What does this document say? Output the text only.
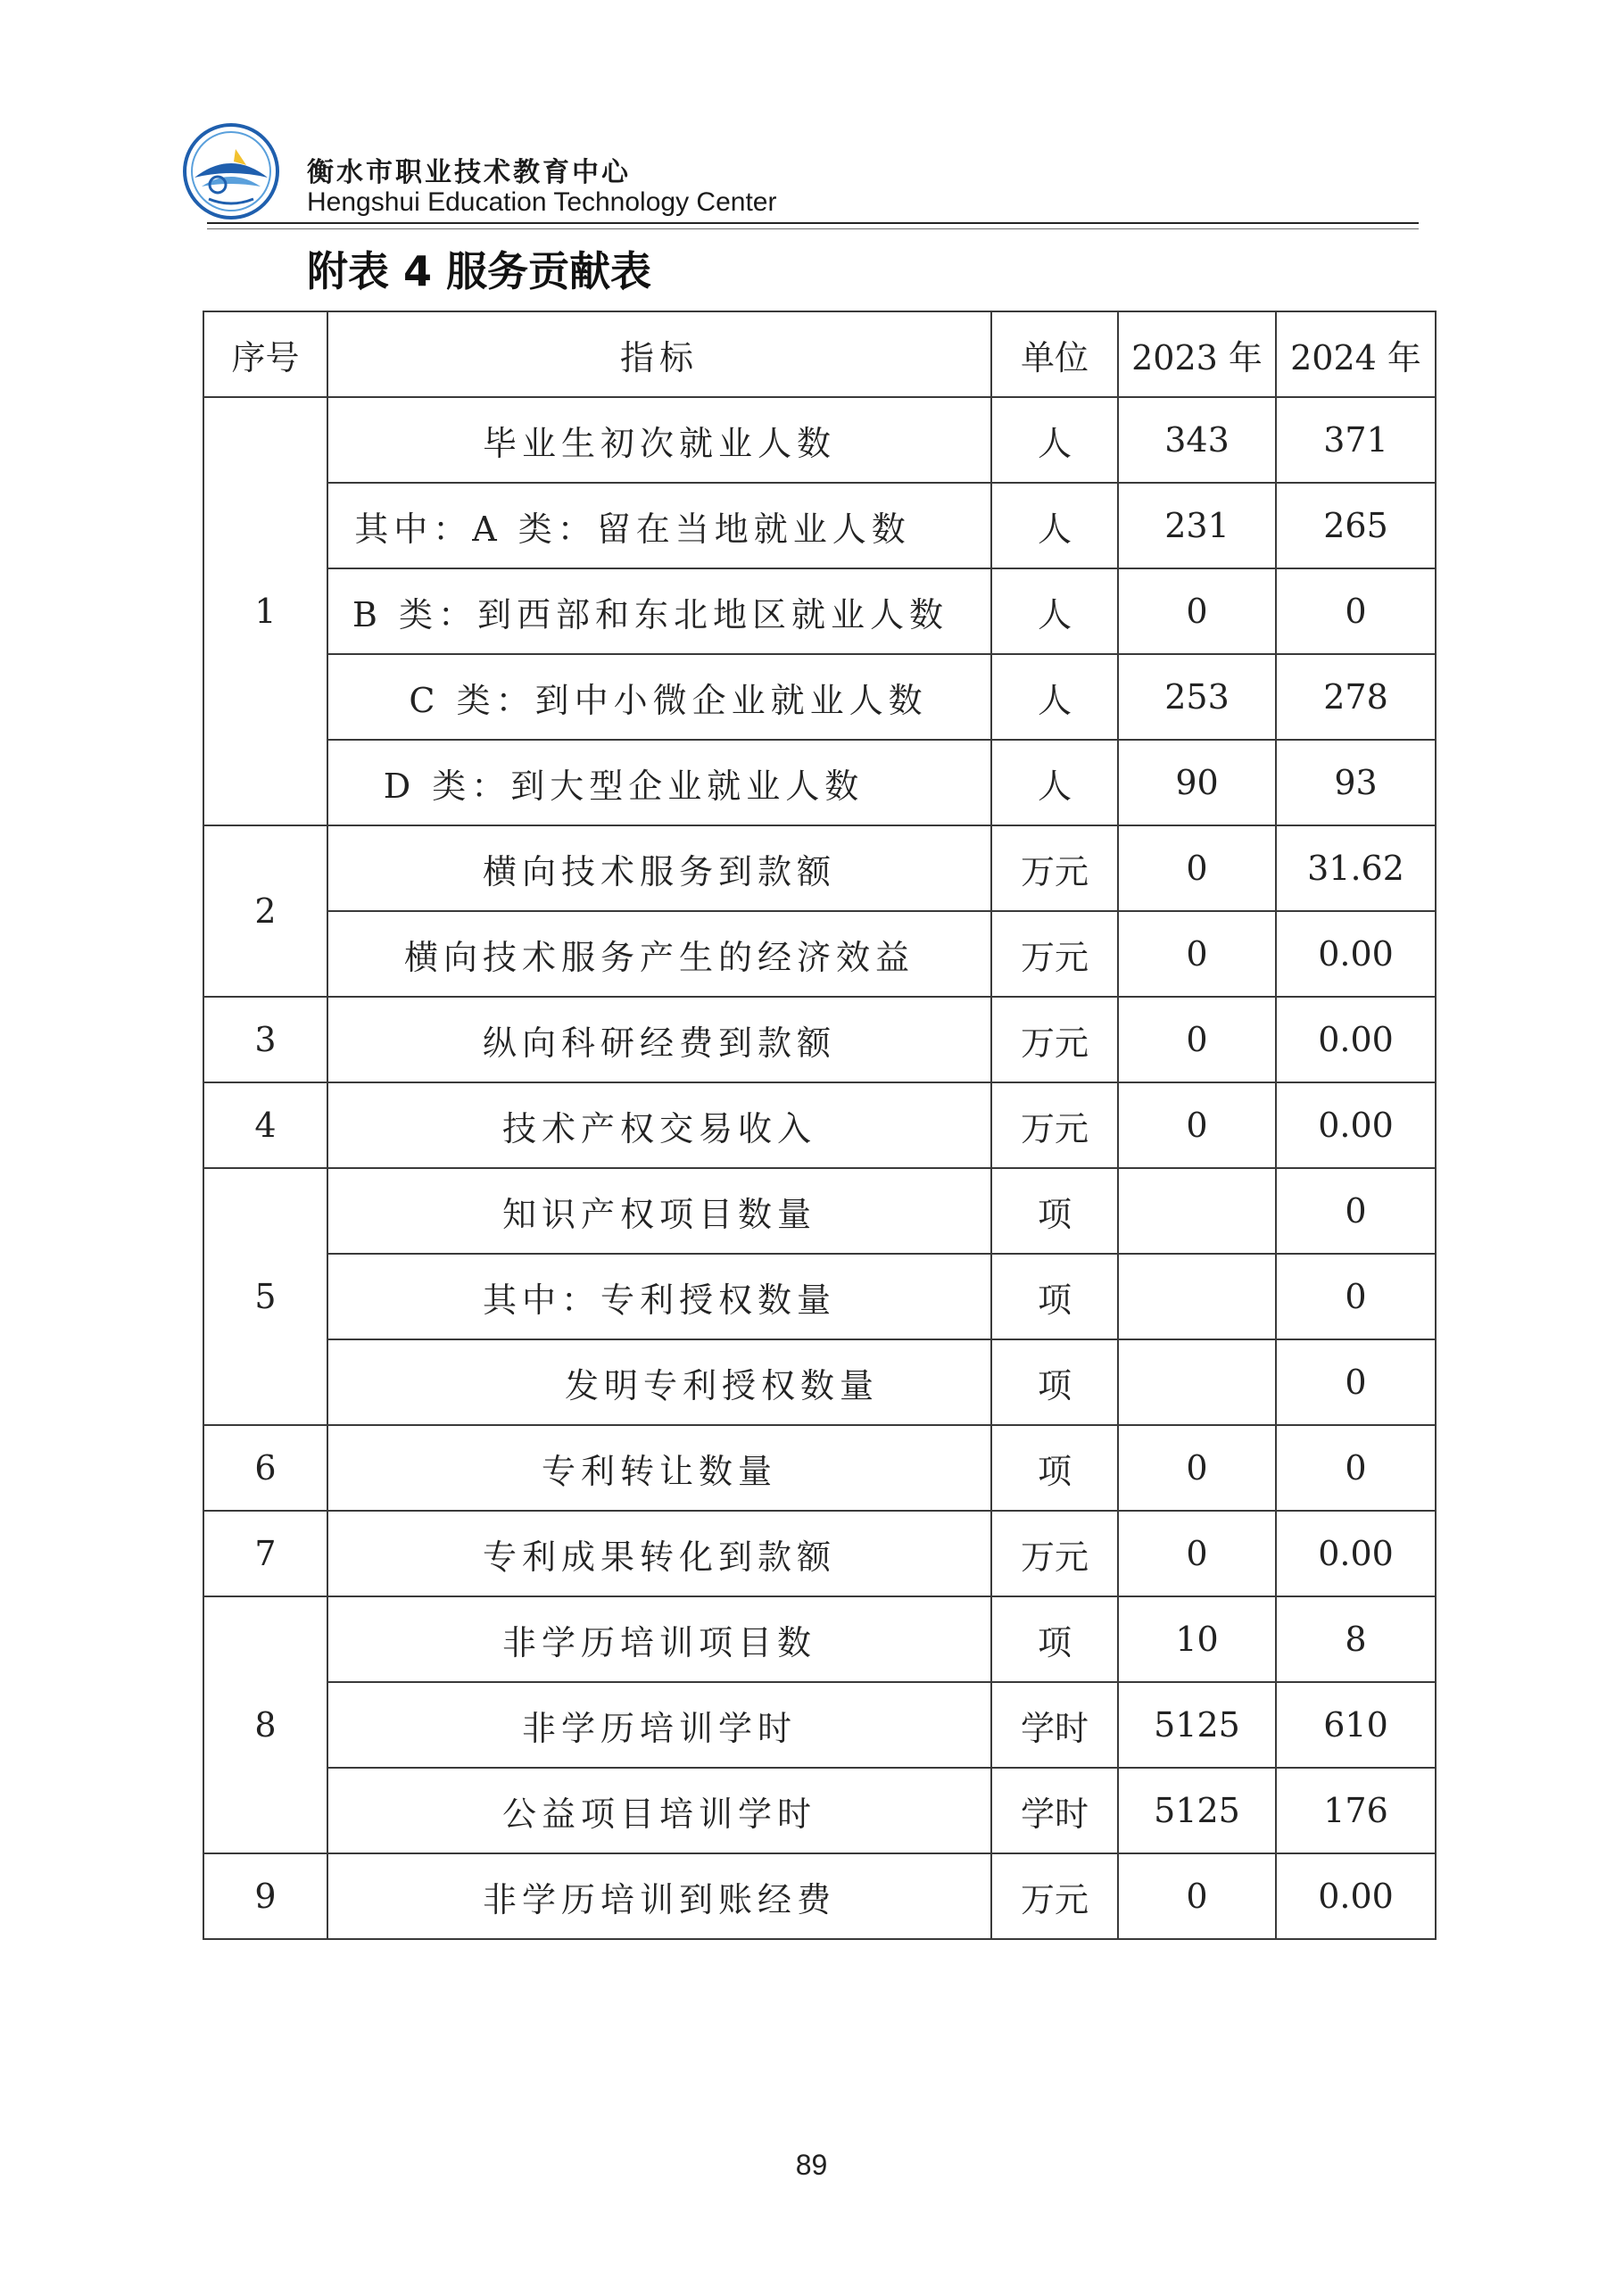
衡水市职业技术教育中心
Hengshui Education Technology Center
附表 4 服务贡献表
序号	指标	单位	2023 年	2024 年
1	毕业生初次就业人数	人	343	371
	其中：A 类：留在当地就业人数	人	231	265
	B 类：到西部和东北地区就业人数	人	0	0
	C 类：到中小微企业就业人数	人	253	278
	D 类：到大型企业就业人数	人	90	93
2	横向技术服务到款额	万元	0	31.62
	横向技术服务产生的经济效益	万元	0	0.00
3	纵向科研经费到款额	万元	0	0.00
4	技术产权交易收入	万元	0	0.00
5	知识产权项目数量	项		0
	其中：专利授权数量	项		0
	发明专利授权数量	项		0
6	专利转让数量	项	0	0
7	专利成果转化到款额	万元	0	0.00
8	非学历培训项目数	项	10	8
	非学历培训学时	学时	5125	610
	公益项目培训学时	学时	5125	176
9	非学历培训到账经费	万元	0	0.00
89
